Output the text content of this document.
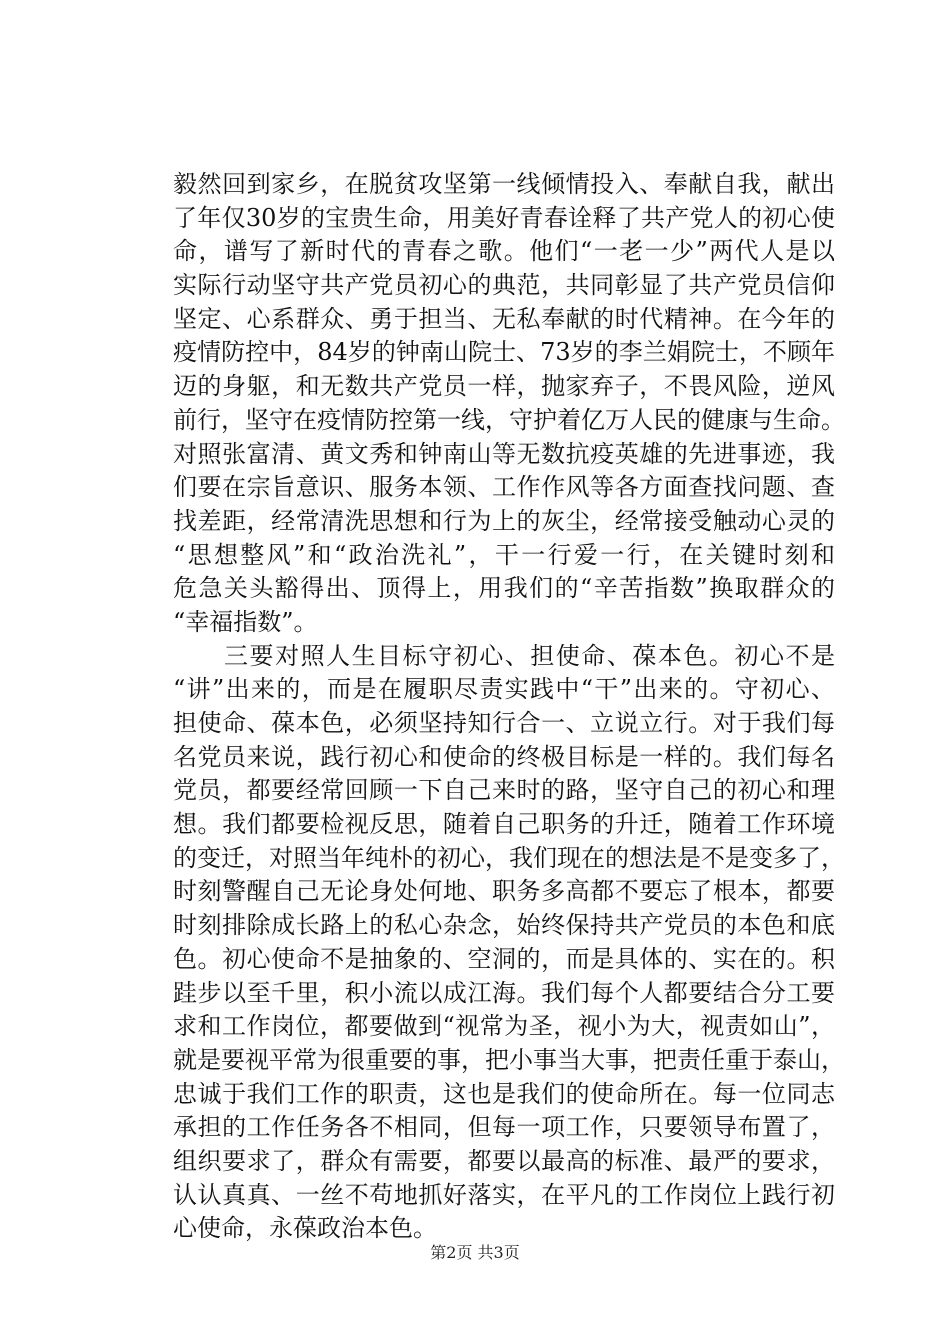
毅然回到家乡，在脱贫攻坚第一线倾情投入、奉献自我，献出
了年仅30岁的宝贵生命，用美好青春诠释了共产党人的初心使
命，谱写了新时代的青春之歌。他们“一老一少”两代人是以
实际行动坚守共产党员初心的典范，共同彰显了共产党员信仰
坚定、心系群众、勇于担当、无私奉献的时代精神。在今年的
疫情防控中，84岁的钟南山院士、73岁的李兰娟院士，不顾年
迈的身躯，和无数共产党员一样，抛家弃子，不畏风险，逆风
前行，坚守在疫情防控第一线，守护着亿万人民的健康与生命。
对照张富清、黄文秀和钟南山等无数抗疫英雄的先进事迹，我
们要在宗旨意识、服务本领、工作作风等各方面查找问题、查
找差距，经常清洗思想和行为上的灰尘，经常接受触动心灵的
“思想整风”和“政治洗礼”，干一行爱一行，在关键时刻和
危急关头豁得出、顶得上，用我们的“辛苦指数”换取群众的
“幸福指数”。
　　三要对照人生目标守初心、担使命、葆本色。初心不是
“讲”出来的，而是在履职尽责实践中“干”出来的。守初心、
担使命、葆本色，必须坚持知行合一、立说立行。对于我们每
名党员来说，践行初心和使命的终极目标是一样的。我们每名
党员，都要经常回顾一下自己来时的路，坚守自己的初心和理
想。我们都要检视反思，随着自己职务的升迁，随着工作环境
的变迁，对照当年纯朴的初心，我们现在的想法是不是变多了，
时刻警醒自己无论身处何地、职务多高都不要忘了根本，都要
时刻排除成长路上的私心杂念，始终保持共产党员的本色和底
色。初心使命不是抽象的、空洞的，而是具体的、实在的。积
跬步以至千里，积小流以成江海。我们每个人都要结合分工要
求和工作岗位，都要做到“视常为圣，视小为大，视责如山”，
就是要视平常为很重要的事，把小事当大事，把责任重于泰山，
忠诚于我们工作的职责，这也是我们的使命所在。每一位同志
承担的工作任务各不相同，但每一项工作，只要领导布置了，
组织要求了，群众有需要，都要以最高的标准、最严的要求，
认认真真、一丝不苟地抓好落实，在平凡的工作岗位上践行初
心使命，永葆政治本色。
第2页 共3页
